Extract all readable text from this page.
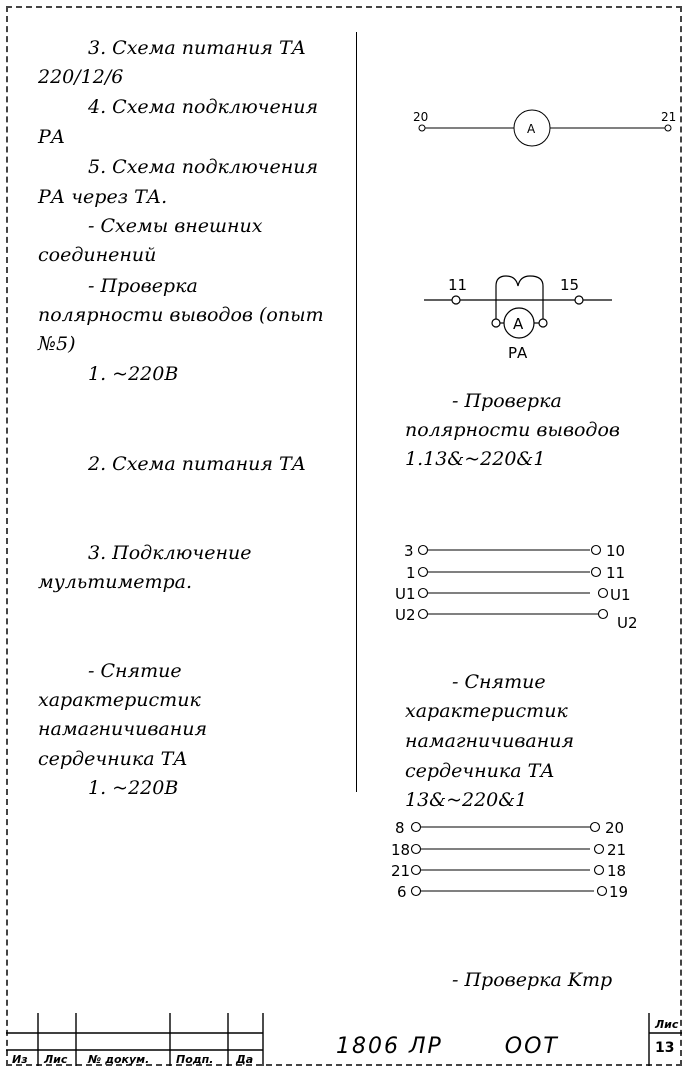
3. Схема питания ТА
220/12/6
4. Схема подключения
РА
5. Схема подключения
РА через ТА.
- Схемы внешних
соединений
- Проверка
полярности выводов (опыт
№5)
1. ~220В
2. Схема питания ТА
3. Подключение
мультиметра.
- Снятие
характеристик
намагничивания
сердечника ТА
1. ~220В
- Проверка
полярности выводов
1.13&~220&1
- Снятие
характеристик
намагничивания
сердечника ТА
13&~220&1
- Проверка Kтр
20	21
A
11	15
A
РА
3	10
1	11
U1	U1
U2	U2
8	20
18	21
21	18
6	19
Из Лис № докум. Подп. Да
Лис
1806 ЛР	ООТ	13
